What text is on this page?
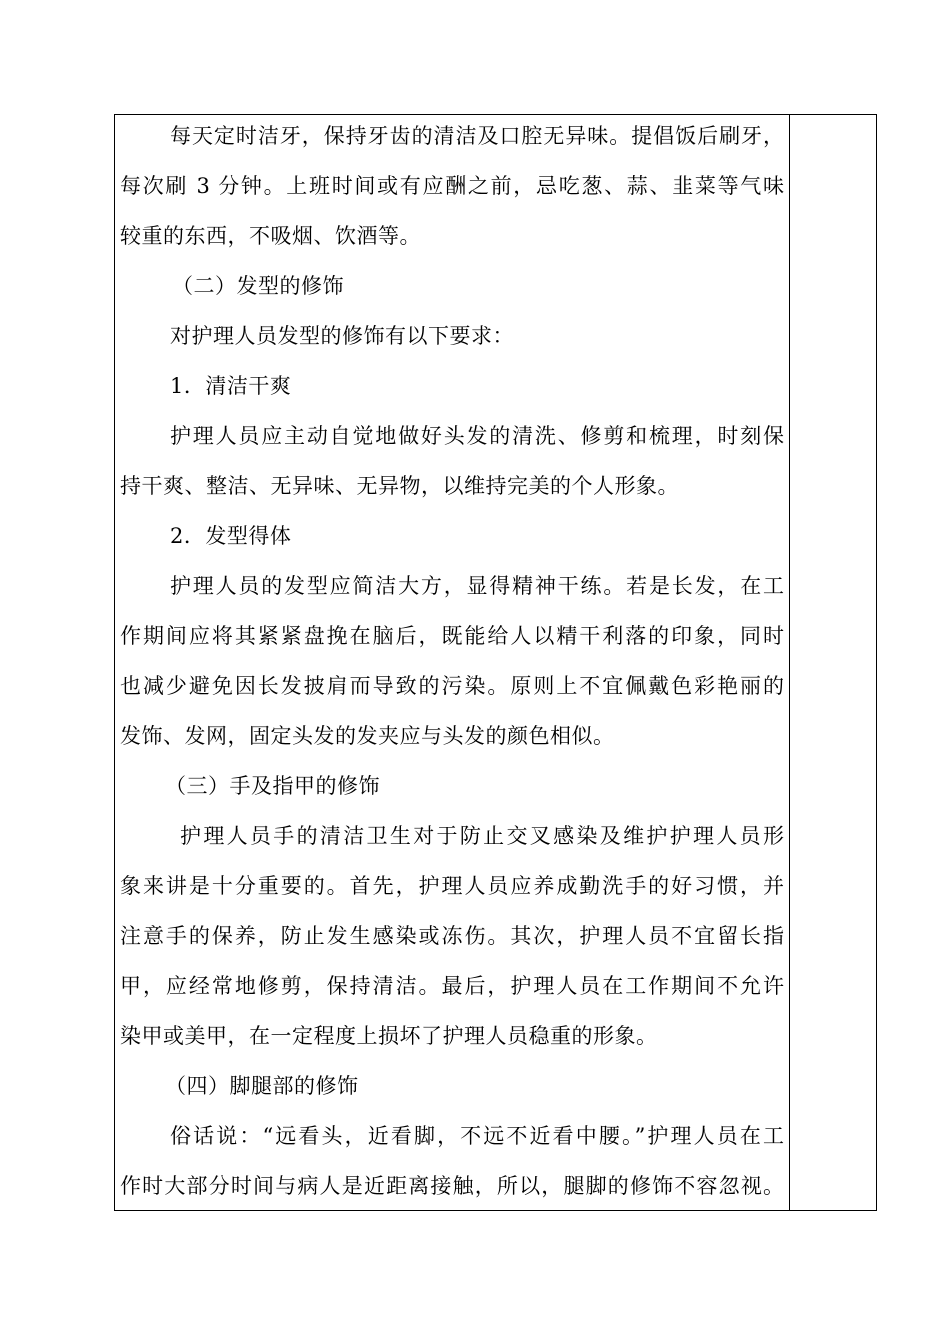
每天定时洁牙，保持牙齿的清洁及口腔无异味。提倡饭后刷牙，
每次刷 3 分钟。上班时间或有应酬之前，忌吃葱、蒜、韭菜等气味
较重的东西，不吸烟、饮酒等。
（二）发型的修饰
对护理人员发型的修饰有以下要求：
1．清洁干爽
护理人员应主动自觉地做好头发的清洗、修剪和梳理，时刻保
持干爽、整洁、无异味、无异物，以维持完美的个人形象。
2．发型得体
护理人员的发型应简洁大方，显得精神干练。若是长发，在工
作期间应将其紧紧盘挽在脑后，既能给人以精干利落的印象，同时
也减少避免因长发披肩而导致的污染。原则上不宜佩戴色彩艳丽的
发饰、发网，固定头发的发夹应与头发的颜色相似。
（三）手及指甲的修饰
护理人员手的清洁卫生对于防止交叉感染及维护护理人员形
象来讲是十分重要的。首先，护理人员应养成勤洗手的好习惯，并
注意手的保养，防止发生感染或冻伤。其次，护理人员不宜留长指
甲，应经常地修剪，保持清洁。最后，护理人员在工作期间不允许
染甲或美甲，在一定程度上损坏了护理人员稳重的形象。
（四）脚腿部的修饰
俗话说：“远看头，近看脚，不远不近看中腰。”护理人员在工
作时大部分时间与病人是近距离接触，所以，腿脚的修饰不容忽视。
